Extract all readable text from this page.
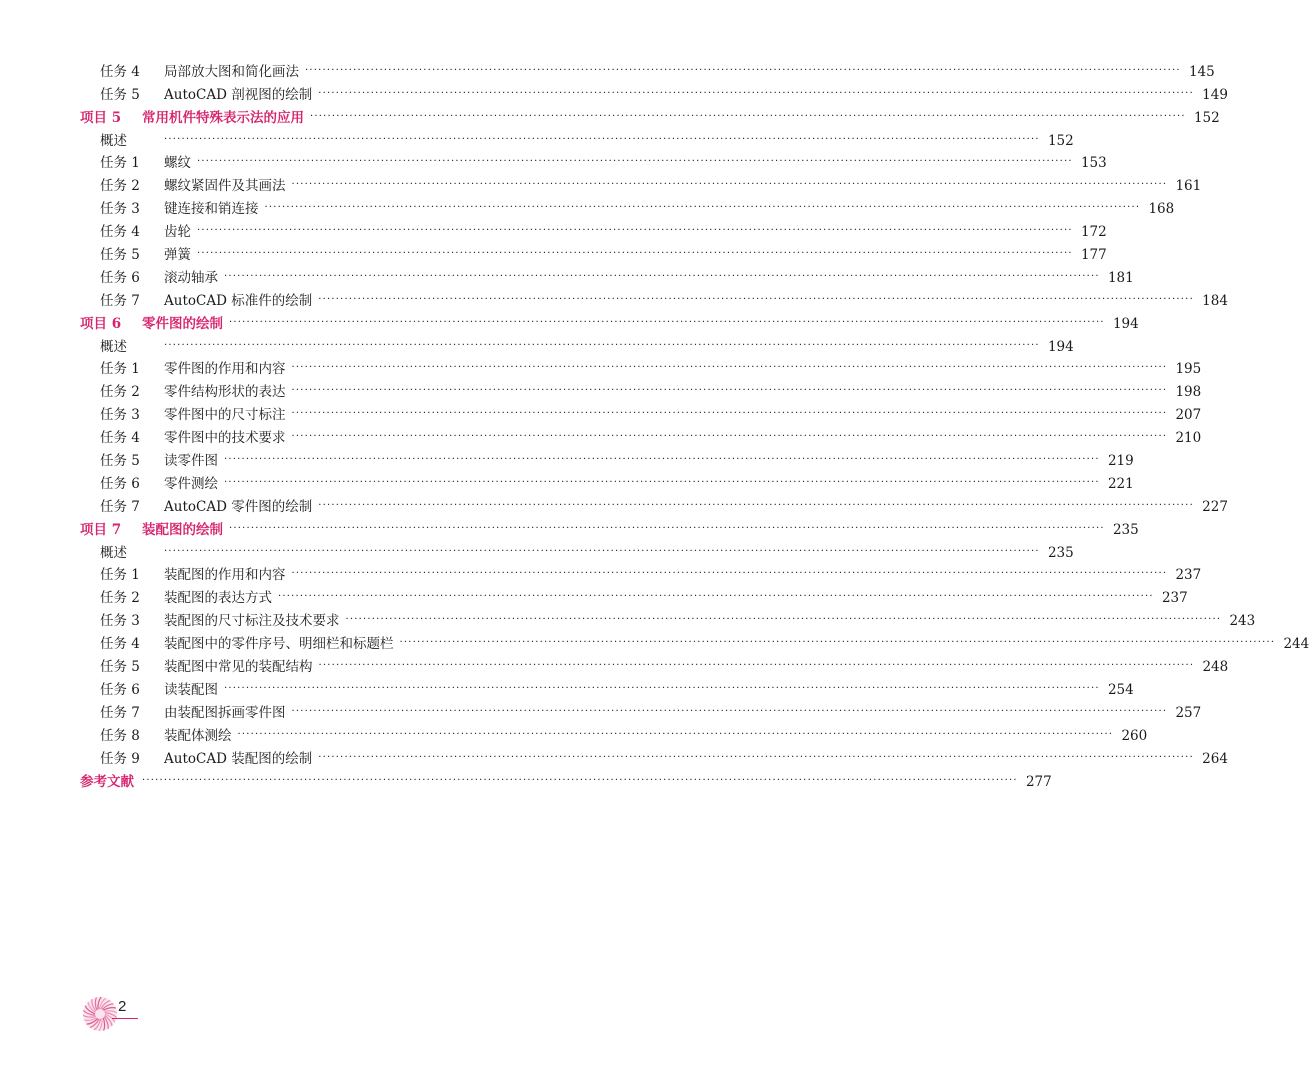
任务 4	局部放大图和简化画法 ········································································································································································································ 145
任务 5	AutoCAD 剖视图的绘制 ········································································································································································································ 149
项目 5	常用机件特殊表示法的应用 ········································································································································································································ 152
概述	········································································································································································································ 152
任务 1	螺纹 ········································································································································································································ 153
任务 2	螺纹紧固件及其画法 ········································································································································································································ 161
任务 3	键连接和销连接 ········································································································································································································ 168
任务 4	齿轮 ········································································································································································································ 172
任务 5	弹簧 ········································································································································································································ 177
任务 6	滚动轴承 ········································································································································································································ 181
任务 7	AutoCAD 标准件的绘制 ········································································································································································································ 184
项目 6	零件图的绘制 ········································································································································································································ 194
概述	········································································································································································································ 194
任务 1	零件图的作用和内容 ········································································································································································································ 195
任务 2	零件结构形状的表达 ········································································································································································································ 198
任务 3	零件图中的尺寸标注 ········································································································································································································ 207
任务 4	零件图中的技术要求 ········································································································································································································ 210
任务 5	读零件图 ········································································································································································································ 219
任务 6	零件测绘 ········································································································································································································ 221
任务 7	AutoCAD 零件图的绘制 ········································································································································································································ 227
项目 7	装配图的绘制 ········································································································································································································ 235
概述	········································································································································································································ 235
任务 1	装配图的作用和内容 ········································································································································································································ 237
任务 2	装配图的表达方式 ········································································································································································································ 237
任务 3	装配图的尺寸标注及技术要求 ········································································································································································································ 243
任务 4	装配图中的零件序号、明细栏和标题栏 ········································································································································································································ 244
任务 5	装配图中常见的装配结构 ········································································································································································································ 248
任务 6	读装配图 ········································································································································································································ 254
任务 7	由装配图拆画零件图 ········································································································································································································ 257
任务 8	装配体测绘 ········································································································································································································ 260
任务 9	AutoCAD 装配图的绘制 ········································································································································································································ 264
参考文献 ········································································································································································································ 277
2
